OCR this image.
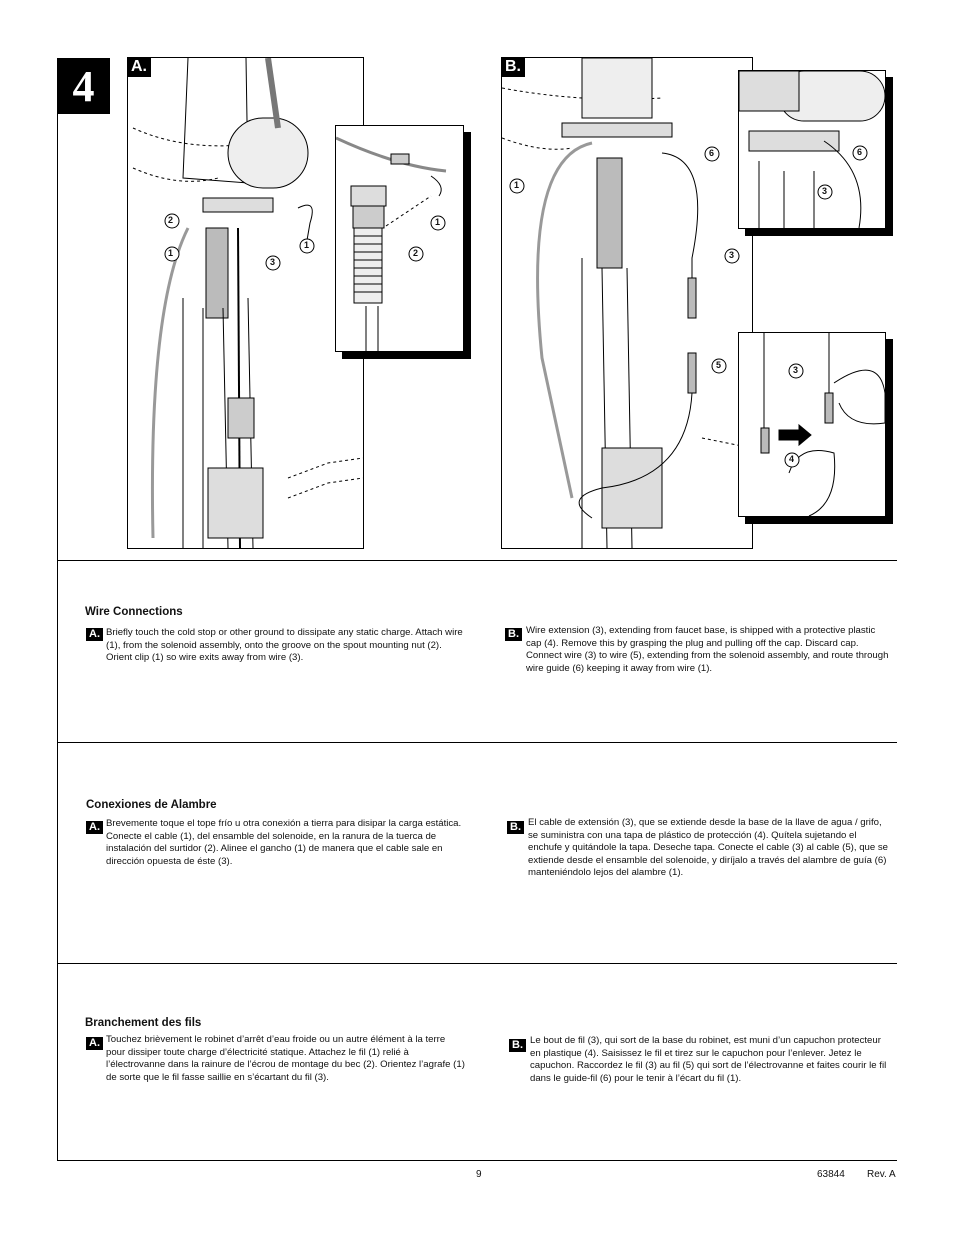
4
2
1
3
1
A.
1
2
1
6
3
5
B.
6
3
3
4
Wire Connections
A. Briefly touch the cold stop or other ground to dissipate any static charge. Attach wire (1), from the solenoid assembly, onto the groove on the spout mounting nut (2). Orient clip (1) so wire exits away from wire (3).
B. Wire extension (3), extending from faucet base, is shipped with a protective plastic cap (4). Remove this by grasping the plug and pulling off the cap. Discard cap. Connect wire (3) to wire (5), extending from the solenoid assembly, and route through wire guide (6) keeping it away from wire (1).
Conexiones de Alambre
A. Brevemente toque el tope frío u otra conexión a tierra para disipar la carga estática. Conecte el cable (1), del ensamble del solenoide, en la ranura de la tuerca de instalación del surtidor (2). Alinee el gancho (1) de manera que el cable sale en dirección opuesta de éste (3).
B. El cable de extensión (3), que se extiende desde la base de la llave de agua / grifo, se suministra con una tapa de plástico de protección (4). Quítela sujetando el enchufe y quitándole la tapa. Deseche tapa. Conecte el cable (3) al cable (5), que se extiende desde el ensamble del solenoide, y diríjalo a través del alambre de guía (6) manteniéndolo lejos del alambre (1).
Branchement des fils
A. Touchez brièvement le robinet d’arrêt d’eau froide ou un autre élément à la terre pour dissiper toute charge d’électricité statique. Attachez le fil (1) relié à l’électrovanne dans la rainure de l’écrou de montage du bec (2). Orientez l’agrafe (1) de sorte que le fil fasse saillie en s’écartant du fil (3).
B. Le bout de fil (3), qui sort de la base du robinet, est muni d’un capuchon protecteur en plastique (4). Saisissez le fil et tirez sur le capuchon pour l’enlever. Jetez le capuchon. Raccordez le fil (3) au fil (5) qui sort de l’électrovanne et faites courir le fil dans le guide-fil (6) pour le tenir à l’écart du fil (1).
9	63844 Rev. A
